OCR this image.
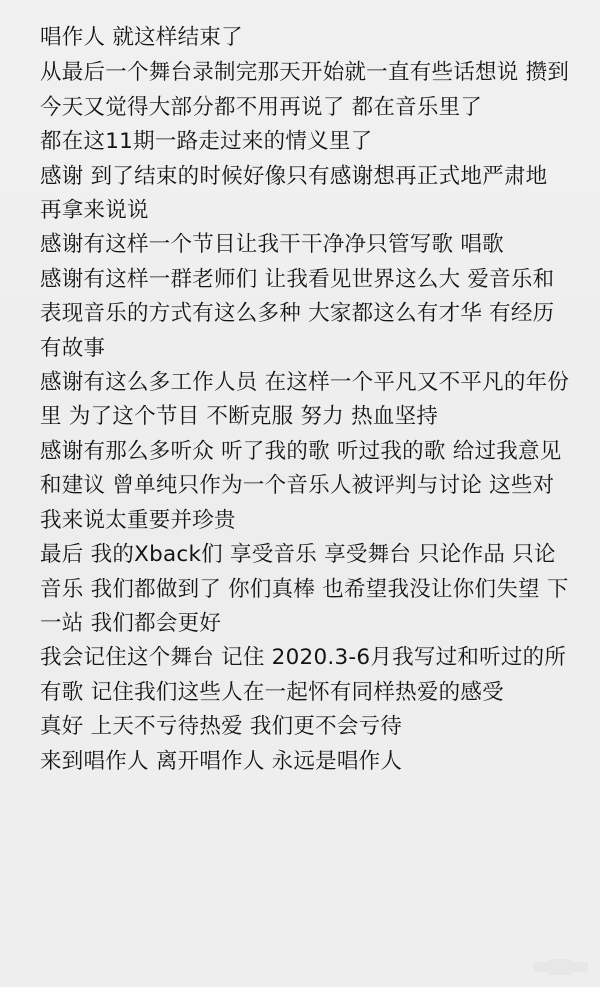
唱作人 就这样结束了

从最后一个舞台录制完那天开始就一直有些话想说 攒到今天又觉得大部分都不用再说了 都在音乐里了

都在这11期一路走过来的情义里了

感谢 到了结束的时候好像只有感谢想再正式地严肃地 再拿来说说

感谢有这样一个节目让我干干净净只管写歌 唱歌

感谢有这样一群老师们 让我看见世界这么大 爱音乐和表现音乐的方式有这么多种 大家都这么有才华 有经历 有故事

感谢有这么多工作人员 在这样一个平凡又不平凡的年份里 为了这个节目 不断克服 努力 热血坚持

感谢有那么多听众 听了我的歌 听过我的歌 给过我意见和建议 曾单纯只作为一个音乐人被评判与讨论 这些对我来说太重要并珍贵

最后 我的Xback们 享受音乐 享受舞台 只论作品 只论音乐 我们都做到了 你们真棒 也希望我没让你们失望 下一站 我们都会更好

我会记住这个舞台 记住 2020.3-6月我写过和听过的所有歌 记住我们这些人在一起怀有同样热爱的感受

真好 上天不亏待热爱 我们更不会亏待

来到唱作人 离开唱作人 永远是唱作人
